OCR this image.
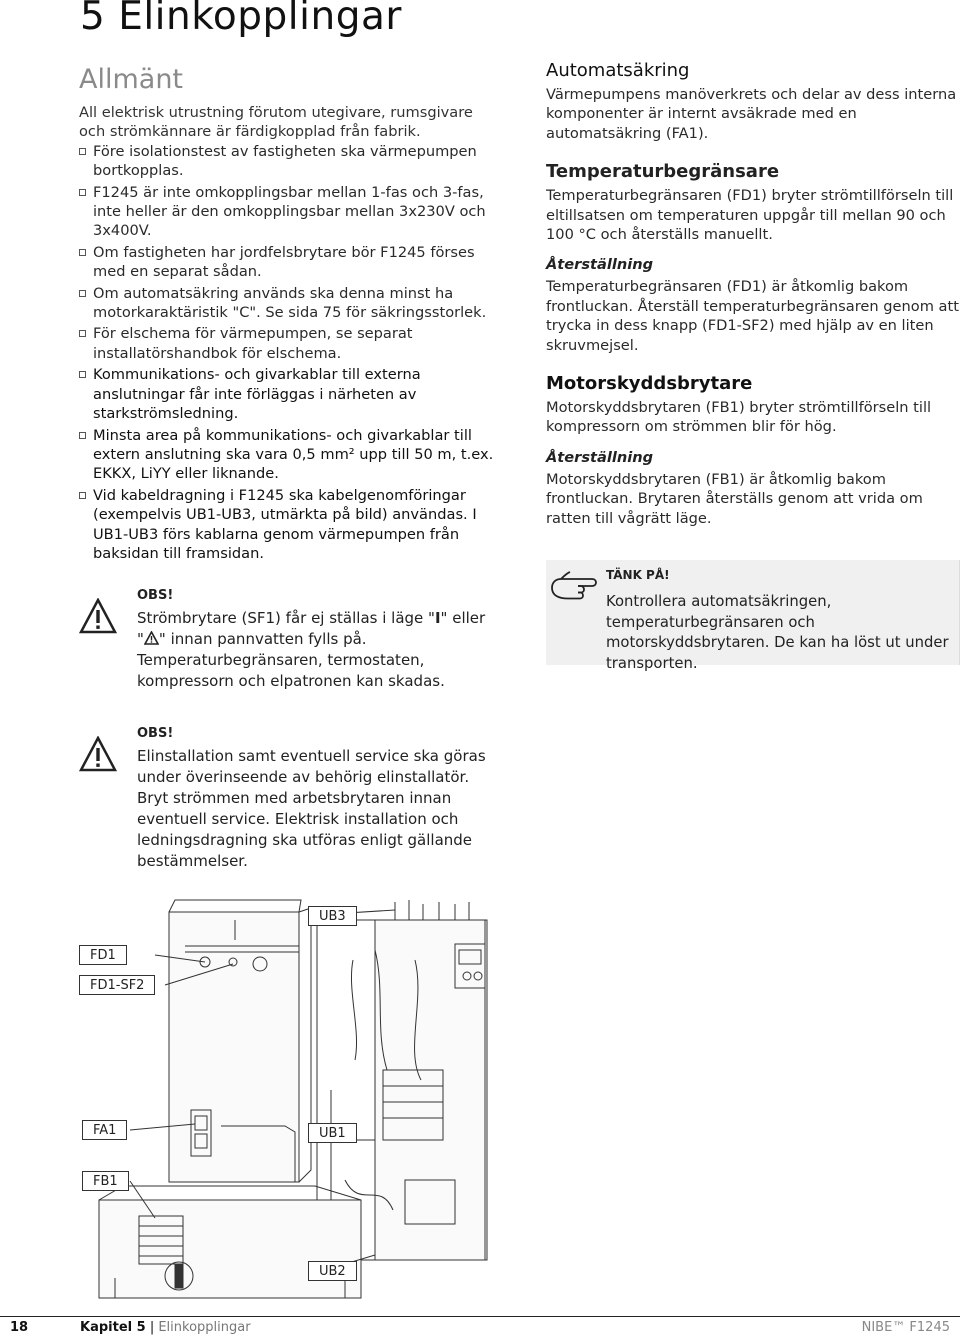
5 Elinkopplingar
Allmänt

All elektrisk utrustning förutom utegivare, rumsgivare och strömkännare är färdigkopplad från fabrik.

Före isolationstest av fastigheten ska värmepumpen bortkopplas.
F1245 är inte omkopplingsbar mellan 1-fas och 3-fas, inte heller är den omkopplingsbar mellan 3x230V och 3x400V.
Om fastigheten har jordfelsbrytare bör F1245 förses med en separat sådan.
Om automatsäkring används ska denna minst ha motorkaraktäristik "C". Se sida 75 för säkringsstorlek.
För elschema för värmepumpen, se separat installatörshandbok för elschema.
Kommunikations- och givarkablar till externa anslutningar får inte förläggas i närheten av starkströmsledning.
Minsta area på kommunikations- och givarkablar till extern anslutning ska vara 0,5 mm² upp till 50 m, t.ex. EKKX, LiYY eller liknande.
Vid kabeldragning i F1245 ska kabelgenomföringar (exempelvis UB1-UB3, utmärkta på bild) användas. I UB1-UB3 förs kablarna genom värmepumpen från baksidan till framsidan.
OBS!
Strömbrytare (SF1) får ej ställas i läge "I" eller " " innan pannvatten fylls på. Temperaturbegränsaren, termostaten, kompressorn och elpatronen kan skadas.
OBS!
Elinstallation samt eventuell service ska göras under överinseende av behörig elinstallatör. Bryt strömmen med arbetsbrytaren innan eventuell service. Elektrisk installation och ledningsdragning ska utföras enligt gällande bestämmelser.
Automatsäkring

Värmepumpens manöverkrets och delar av dess interna komponenter är internt avsäkrade med en automatsäkring (FA1).

Temperaturbegränsare

Temperaturbegränsaren (FD1) bryter strömtillförseln till eltillsatsen om temperaturen uppgår till mellan 90 och 100 °C och återställs manuellt.

Återställning

Temperaturbegränsaren (FD1) är åtkomlig bakom frontluckan. Återställ temperaturbegränsaren genom att trycka in dess knapp (FD1-SF2) med hjälp av en liten skruvmejsel.

Motorskyddsbrytare

Motorskyddsbrytaren (FB1) bryter strömtillförseln till kompressorn om strömmen blir för hög.

Återställning

Motorskyddsbrytaren (FB1) är åtkomlig bakom frontluckan. Brytaren återställs genom att vrida om ratten till vågrätt läge.

TÄNK PÅ!
Kontrollera automatsäkringen, temperaturbegränsaren och motorskyddsbrytaren. De kan ha löst ut under transporten.
FD1
FD1-SF2
FA1
FB1
UB1
UB2
UB3
18	Kapitel 5 | Elinkopplingar	NIBE™ F1245
